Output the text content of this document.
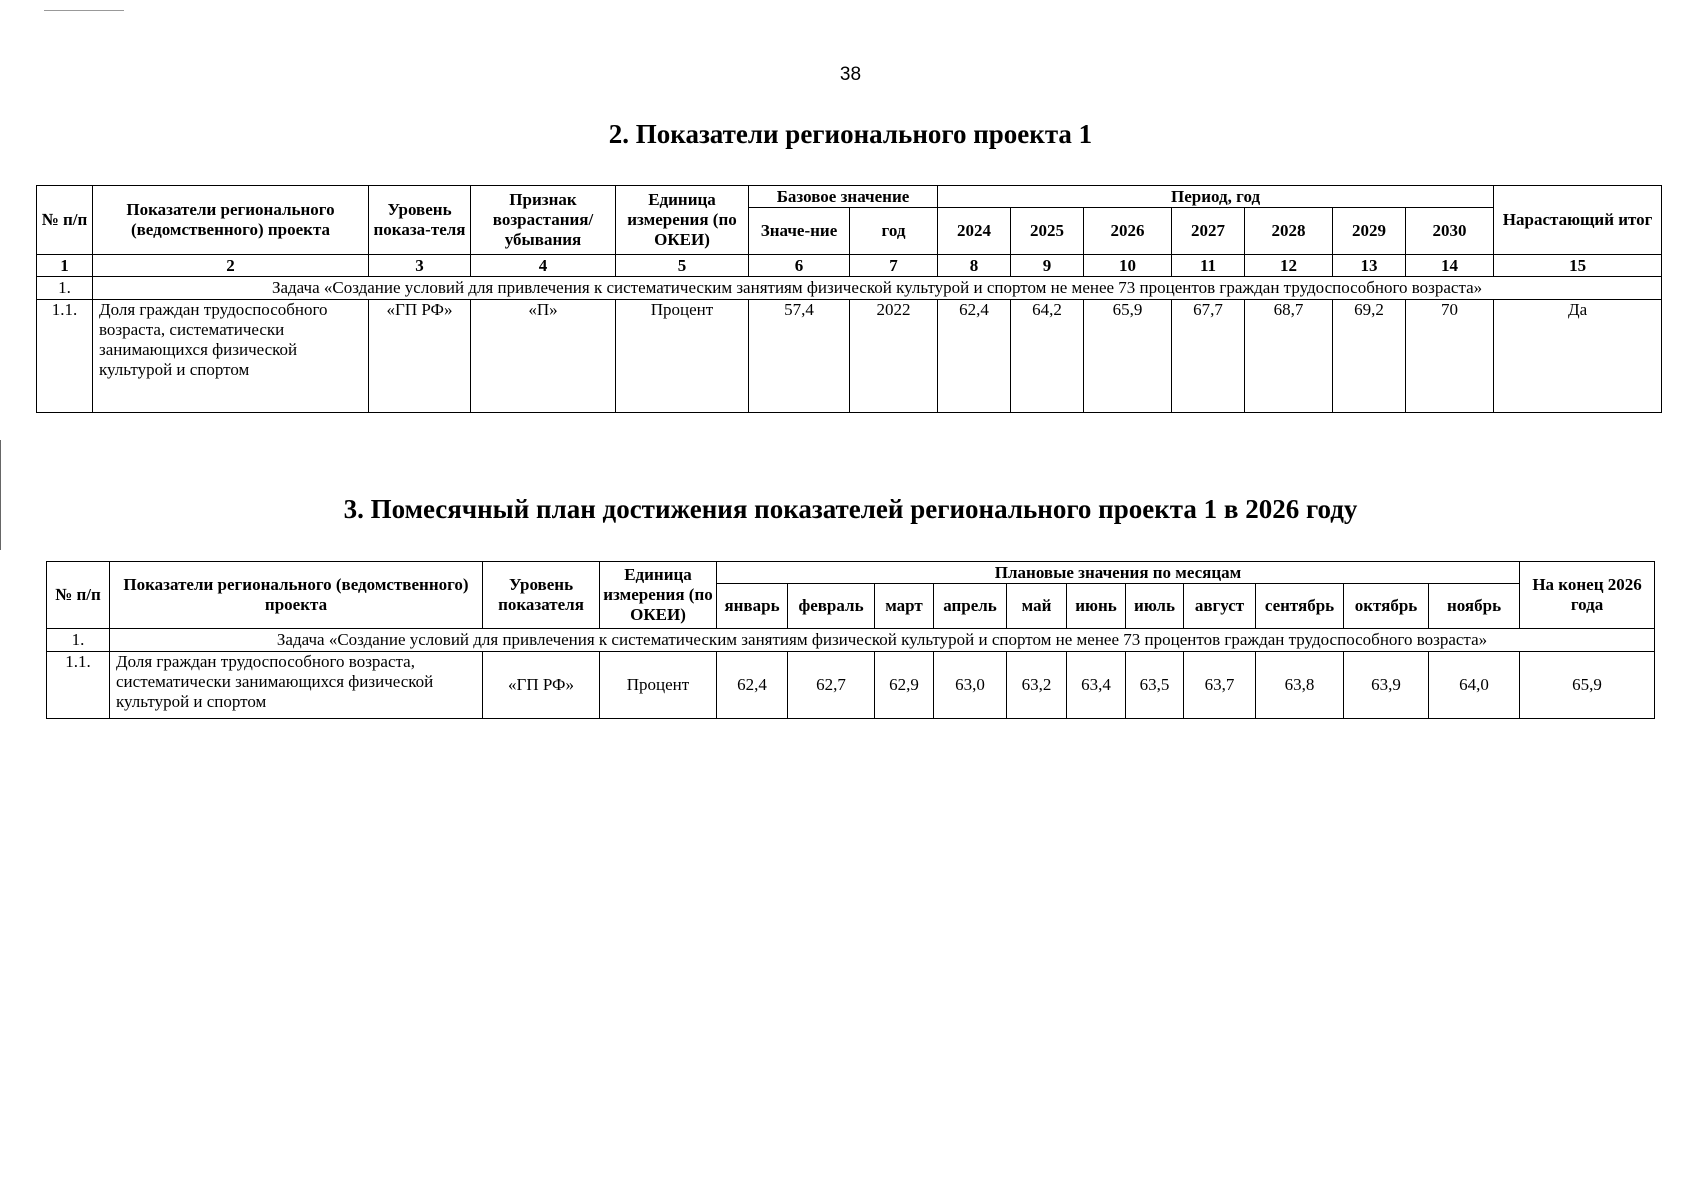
38
2. Показатели регионального проекта 1
№ п/п	Показатели регионального (ведомственного) проекта	Уровень показа-теля	Признак возрастания/ убывания	Единица измерения (по ОКЕИ)	Базовое значение		Период, год							Нарастающий итог
					Значе-ние	год	2024	2025	2026	2027	2028	2029	2030	
1	2	3	4	5	6	7	8	9	10	11	12	13	14	15
1.	Задача «Создание условий для привлечения к систематическим занятиям физической культурой и спортом не менее 73 процентов граждан трудоспособного возраста»													
1.1.	Доля граждан трудоспособного возраста, систематически занимающихся физической культурой и спортом	«ГП РФ»	«П»	Процент	57,4	2022	62,4	64,2	65,9	67,7	68,7	69,2	70	Да
3. Помесячный план достижения показателей регионального проекта 1 в 2026 году
№ п/п	Показатели регионального (ведомственного) проекта	Уровень показателя	Единица измерения (по ОКЕИ)	Плановые значения по месяцам											На конец 2026 года
				январь	февраль	март	апрель	май	июнь	июль	август	сентябрь	октябрь	ноябрь	
1.	Задача «Создание условий для привлечения к систематическим занятиям физической культурой и спортом не менее 73 процентов граждан трудоспособного возраста»														
1.1.	Доля граждан трудоспособного возраста, систематически занимающихся физической культурой и спортом	«ГП РФ»	Процент	62,4	62,7	62,9	63,0	63,2	63,4	63,5	63,7	63,8	63,9	64,0	65,9
